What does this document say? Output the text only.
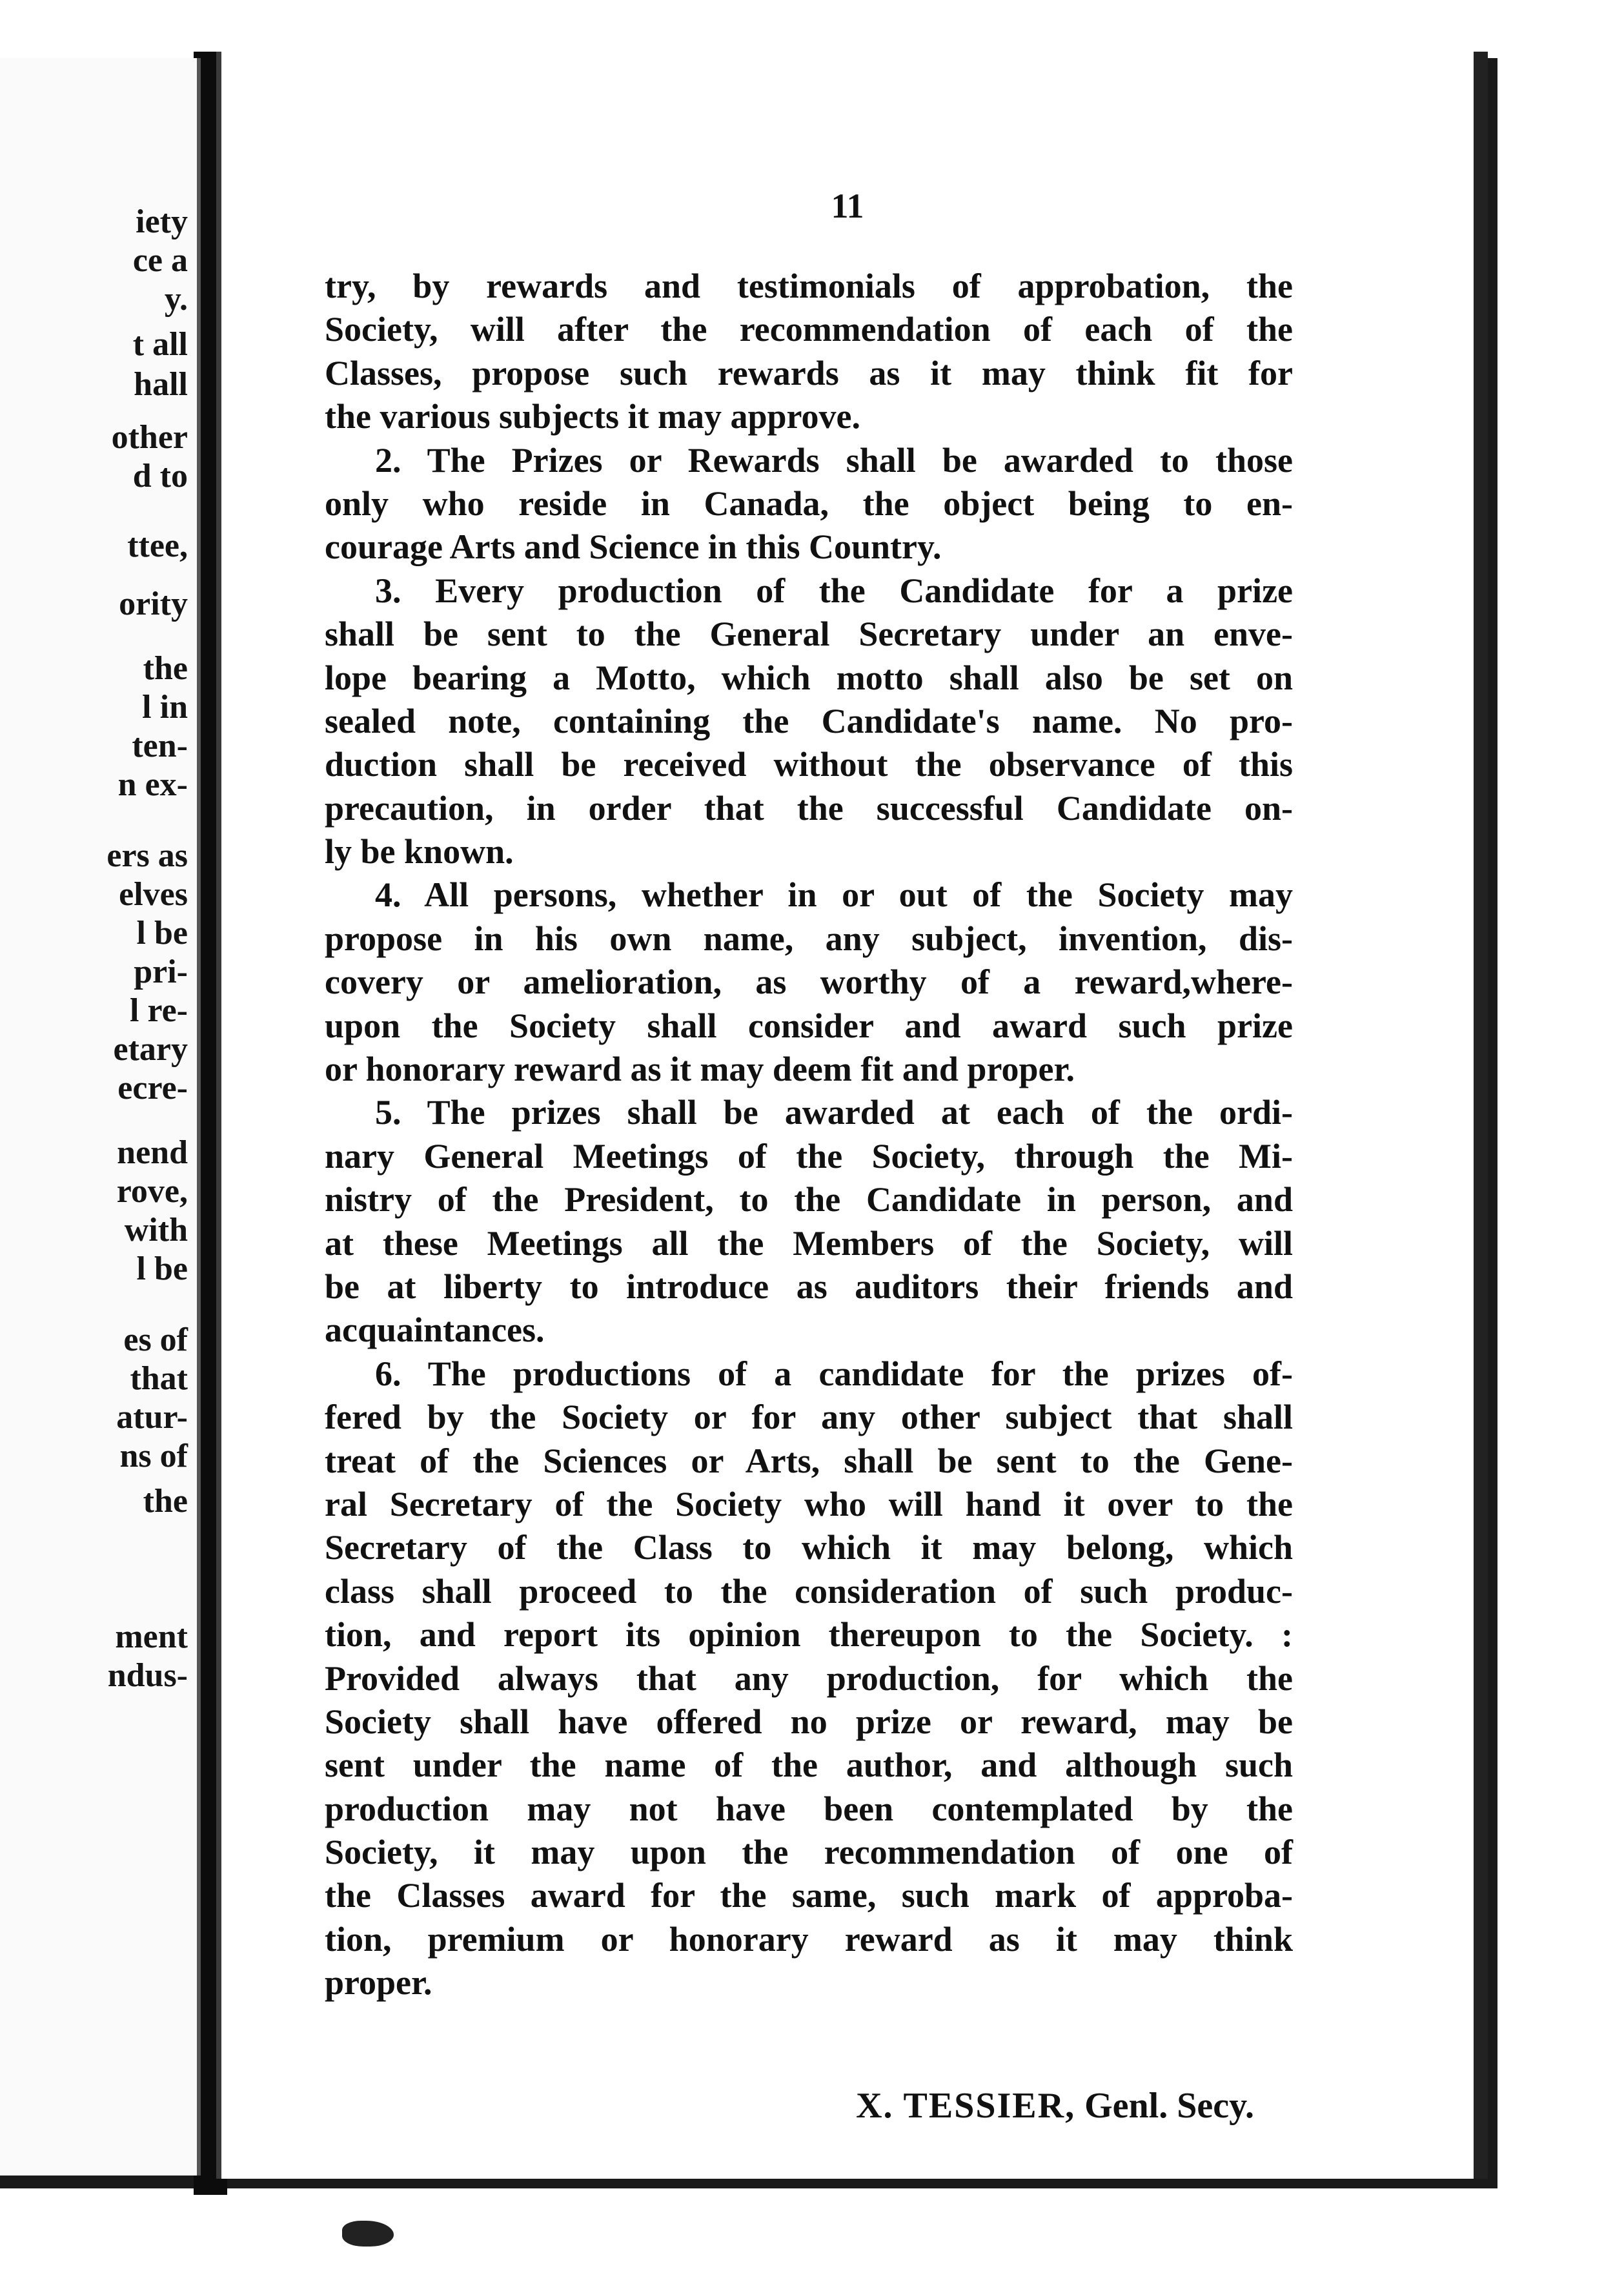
iety
ce a
y.
t all
hall
other
d to
ttee,
ority
the
l in
ten-
n ex-
ers as
elves
l be
pri-
l re-
etary
ecre-
nend
rove,
with
l be
es of
that
atur-
ns of
the
ment
ndus-
11
try, by rewards and testimonials of approbation, the
Society, will after the recommendation of each of the
Classes, propose such rewards as it may think fit for
the various subjects it may approve.
2. The Prizes or Rewards shall be awarded to those
only who reside in Canada, the object being to en-
courage Arts and Science in this Country.
3. Every production of the Candidate for a prize
shall be sent to the General Secretary under an enve-
lope bearing a Motto, which motto shall also be set on
sealed note, containing the Candidate's name. No pro-
duction shall be received without the observance of this
precaution, in order that the successful Candidate on-
ly be known.
4. All persons, whether in or out of the Society may
propose in his own name, any subject, invention, dis-
covery or amelioration, as worthy of a reward,where-
upon the Society shall consider and award such prize
or honorary reward as it may deem fit and proper.
5. The prizes shall be awarded at each of the ordi-
nary General Meetings of the Society, through the Mi-
nistry of the President, to the Candidate in person, and
at these Meetings all the Members of the Society, will
be at liberty to introduce as auditors their friends and
acquaintances.
6. The productions of a candidate for the prizes of-
fered by the Society or for any other subject that shall
treat of the Sciences or Arts, shall be sent to the Gene-
ral Secretary of the Society who will hand it over to the
Secretary of the Class to which it may belong, which
class shall proceed to the consideration of such produc-
tion, and report its opinion thereupon to the Society. :
Provided always that any production, for which the
Society shall have offered no prize or reward, may be
sent under the name of the author, and although such
production may not have been contemplated by the
Society, it may upon the recommendation of one of
the Classes award for the same, such mark of approba-
tion, premium or honorary reward as it may think
proper.
X. TESSIER, Genl. Secy.
